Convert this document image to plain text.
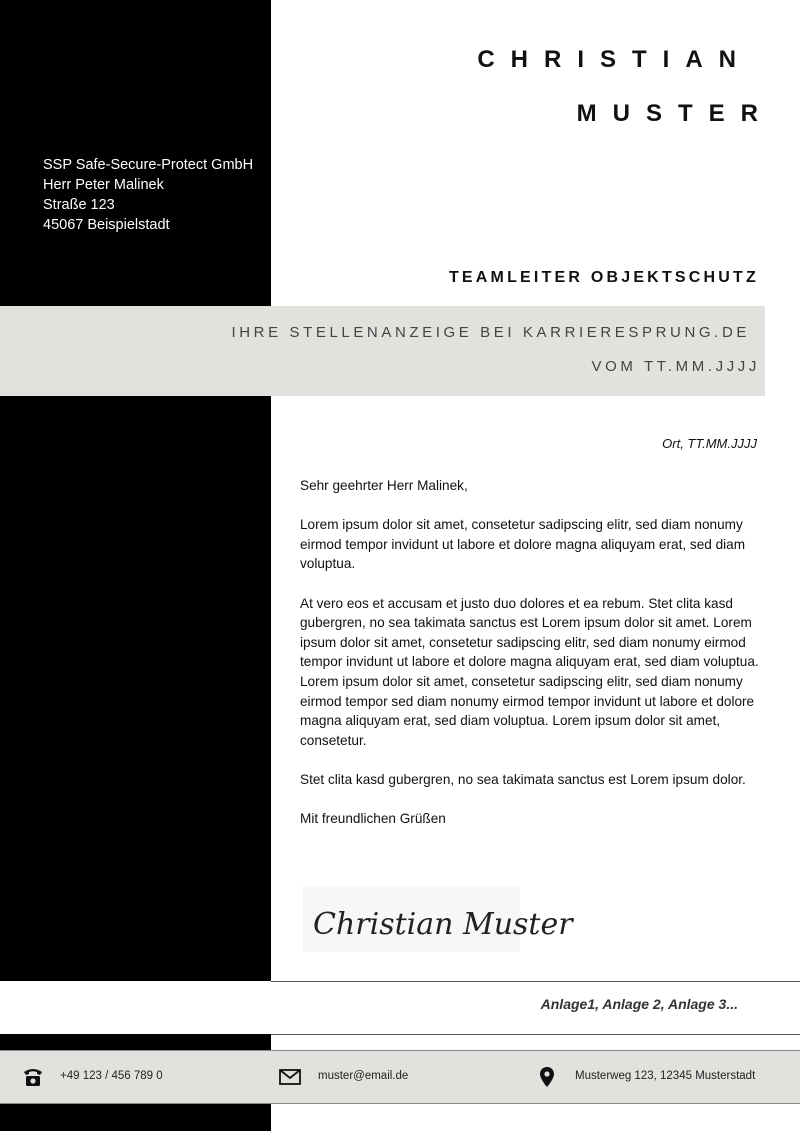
CHRISTIAN
MUSTER
SSP Safe-Secure-Protect GmbH
Herr Peter Malinek
Straße 123
45067 Beispielstadt
TEAMLEITER OBJEKTSCHUTZ
IHRE STELLENANZEIGE BEI KARRIERESPRUNG.DE
VOM TT.MM.JJJJ
Ort, TT.MM.JJJJ

Sehr geehrter Herr Malinek,

Lorem ipsum dolor sit amet, consetetur sadipscing elitr, sed diam nonumy eirmod tempor invidunt ut labore et dolore magna aliquyam erat, sed diam voluptua.

At vero eos et accusam et justo duo dolores et ea rebum. Stet clita kasd gubergren, no sea takimata sanctus est Lorem ipsum dolor sit amet. Lorem ipsum dolor sit amet, consetetur sadipscing elitr, sed diam nonumy eirmod tempor invidunt ut labore et dolore magna aliquyam erat, sed diam voluptua. Lorem ipsum dolor sit amet, consetetur sadipscing elitr, sed diam nonumy eirmod tempor sed diam nonumy eirmod tempor invidunt ut labore et dolore magna aliquyam erat, sed diam voluptua. Lorem ipsum dolor sit amet, consetetur.

Stet clita kasd gubergren, no sea takimata sanctus est Lorem ipsum dolor.

Mit freundlichen Grüßen

Christian Muster
Anlage1, Anlage 2, Anlage 3...
+49 123 / 456 789 0	muster@email.de	Musterweg 123, 12345 Musterstadt
